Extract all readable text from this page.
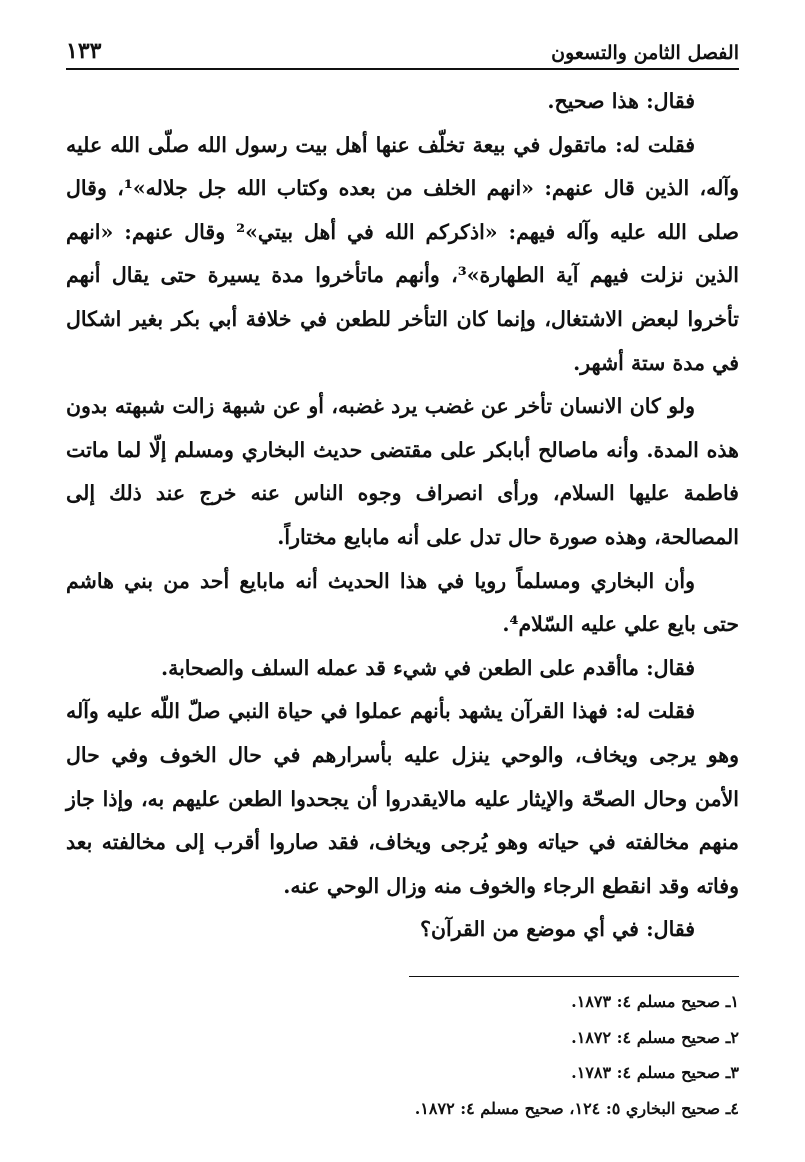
الفصل الثامن والتسعون
١٣٣

فقال: هذا صحيح.

فقلت له: ماتقول في بيعة تخلّف عنها أهل بيت رسول الله صلّى الله عليه وآله، الذين قال عنهم: «انهم الخلف من بعده وكتاب الله جل جلاله»¹، وقال صلى الله عليه وآله فيهم: «اذكركم الله في أهل بيتي»² وقال عنهم: «انهم الذين نزلت فيهم آية الطهارة»³، وأنهم ماتأخروا مدة يسيرة حتى يقال أنهم تأخروا لبعض الاشتغال، وإنما كان التأخر للطعن في خلافة أبي بكر بغير اشكال في مدة ستة أشهر.

ولو كان الانسان تأخر عن غضب يرد غضبه، أو عن شبهة زالت شبهته بدون هذه المدة. وأنه ماصالح أبابكر على مقتضى حديث البخاري ومسلم إلّا لما ماتت فاطمة عليها السلام، ورأى انصراف وجوه الناس عنه خرج عند ذلك إلى المصالحة، وهذه صورة حال تدل على أنه مابايع مختاراً.

وأن البخاري ومسلماً رويا في هذا الحديث أنه مابايع أحد من بني هاشم حتى بايع علي عليه السّلام⁴.

فقال: ماأقدم على الطعن في شيء قد عمله السلف والصحابة.

فقلت له: فهذا القرآن يشهد بأنهم عملوا في حياة النبي صلّ اللّه عليه وآله وهو يرجى ويخاف، والوحي ينزل عليه بأسرارهم في حال الخوف وفي حال الأمن وحال الصحّة والإيثار عليه مالايقدروا أن يجحدوا الطعن عليهم به، وإذا جاز منهم مخالفته في حياته وهو يُرجى ويخاف، فقد صاروا أقرب إلى مخالفته بعد وفاته وقد انقطع الرجاء والخوف منه وزال الوحي عنه.

فقال: في أي موضع من القرآن؟

١ـ صحيح مسلم ٤: ١٨٧٣.
٢ـ صحيح مسلم ٤: ١٨٧٢.
٣ـ صحيح مسلم ٤: ١٧٨٣.
٤ـ صحيح البخاري ٥: ١٢٤، صحيح مسلم ٤: ١٨٧٢.
